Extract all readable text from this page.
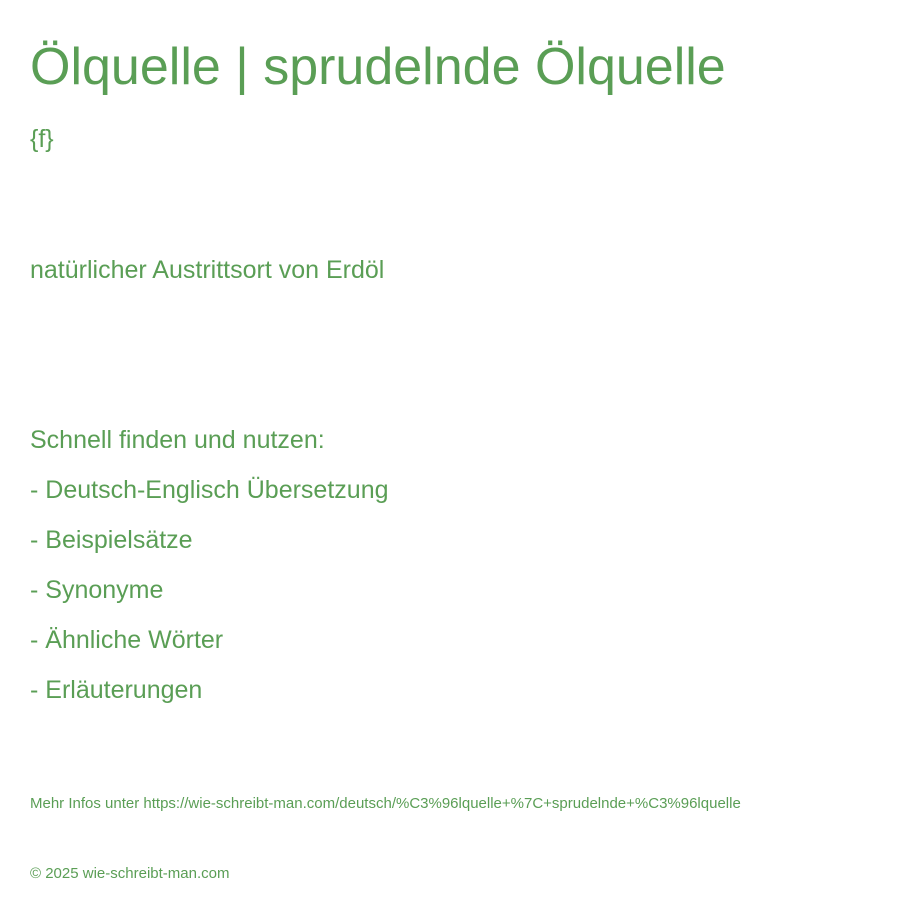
Ölquelle | sprudelnde Ölquelle
{f}
natürlicher Austrittsort von Erdöl
Schnell finden und nutzen:
- Deutsch-Englisch Übersetzung
- Beispielsätze
- Synonyme
- Ähnliche Wörter
- Erläuterungen
Mehr Infos unter https://wie-schreibt-man.com/deutsch/%C3%96lquelle+%7C+sprudelnde+%C3%96lquelle
© 2025 wie-schreibt-man.com
